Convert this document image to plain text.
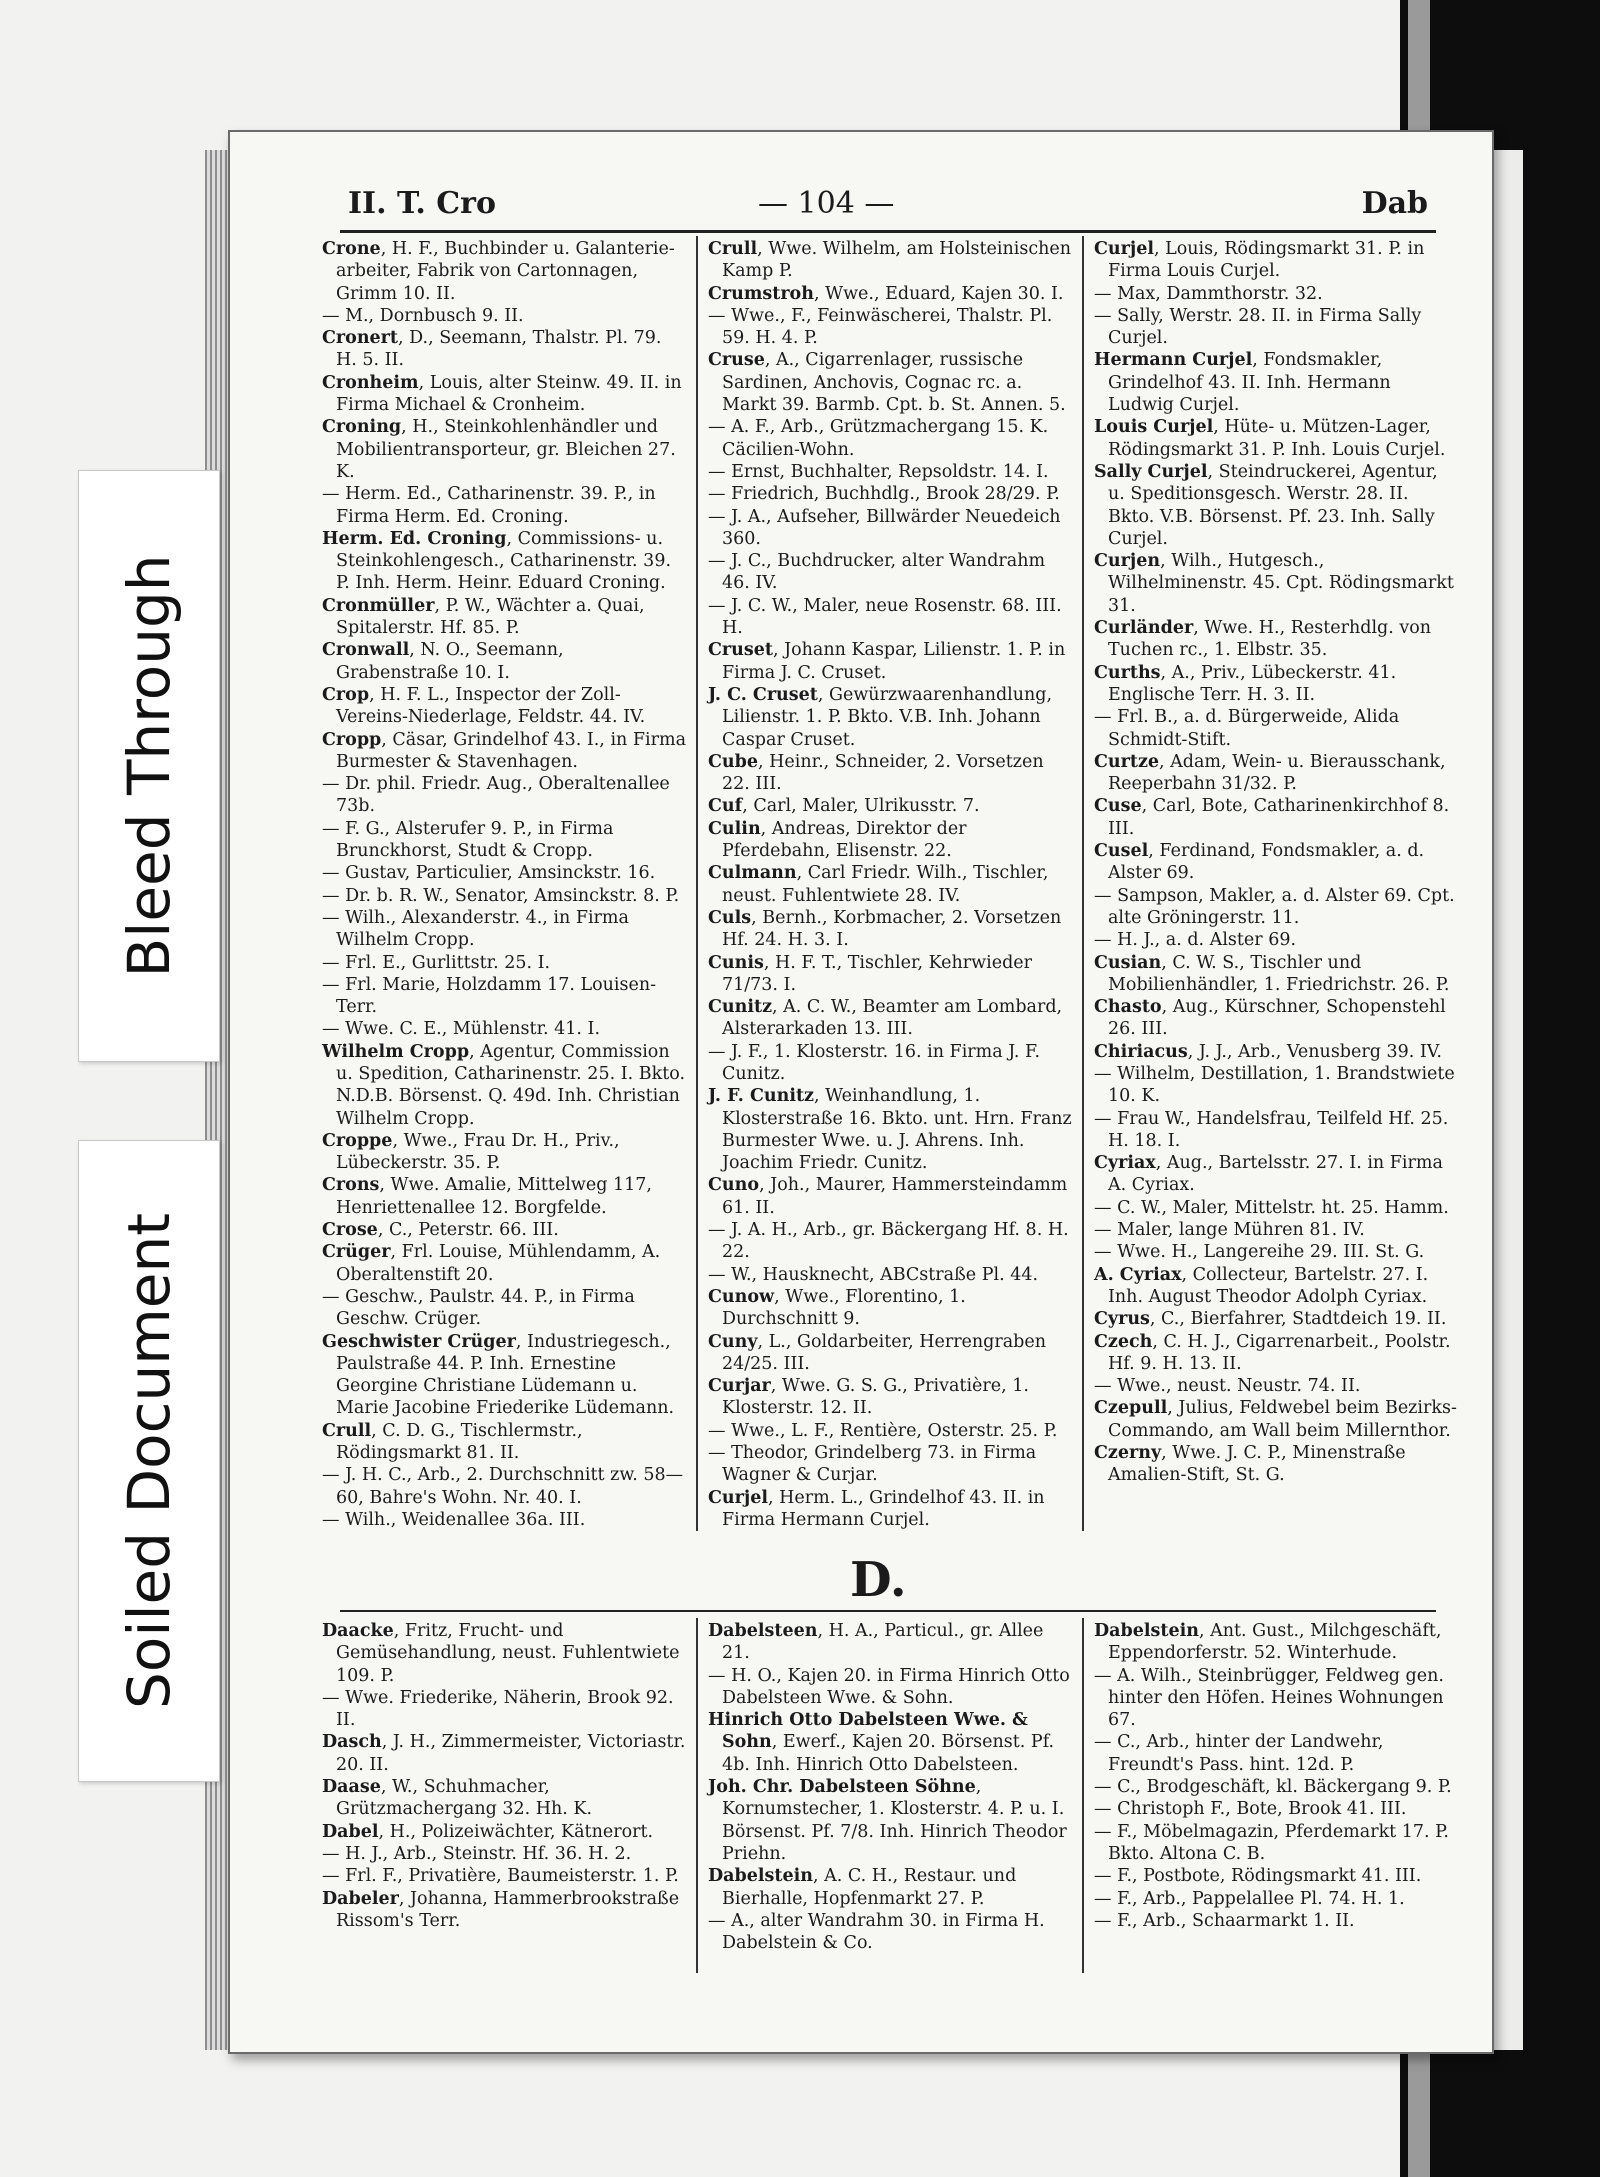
Bleed Through
Soiled Document
II. T. Cro	— 104 —	Dab

Crone, H. F., Buchbinder u. Galanterie-arbeiter, Fabrik von Cartonnagen, Grimm 10. II.

— M., Dornbusch 9. II.

Cronert, D., Seemann, Thalstr. Pl. 79. H. 5. II.

Cronheim, Louis, alter Steinw. 49. II. in Firma Michael & Cronheim.

Croning, H., Steinkohlenhändler und Mobilientransporteur, gr. Bleichen 27. K.

— Herm. Ed., Catharinenstr. 39. P., in Firma Herm. Ed. Croning.

Herm. Ed. Croning, Commissions- u. Steinkohlengesch., Catharinenstr. 39. P. Inh. Herm. Heinr. Eduard Croning.

Cronmüller, P. W., Wächter a. Quai, Spitalerstr. Hf. 85. P.

Cronwall, N. O., Seemann, Grabenstraße 10. I.

Crop, H. F. L., Inspector der Zoll-Vereins-Niederlage, Feldstr. 44. IV.

Cropp, Cäsar, Grindelhof 43. I., in Firma Burmester & Stavenhagen.

— Dr. phil. Friedr. Aug., Oberaltenallee 73b.

— F. G., Alsterufer 9. P., in Firma Brunckhorst, Studt & Cropp.

— Gustav, Particulier, Amsinckstr. 16.

— Dr. b. R. W., Senator, Amsinckstr. 8. P.

— Wilh., Alexanderstr. 4., in Firma Wilhelm Cropp.

— Frl. E., Gurlittstr. 25. I.

— Frl. Marie, Holzdamm 17. Louisen-Terr.

— Wwe. C. E., Mühlenstr. 41. I.

Wilhelm Cropp, Agentur, Commission u. Spedition, Catharinenstr. 25. I. Bkto. N.D.B. Börsenst. Q. 49d. Inh. Christian Wilhelm Cropp.

Croppe, Wwe., Frau Dr. H., Priv., Lübeckerstr. 35. P.

Crons, Wwe. Amalie, Mittelweg 117, Henriettenallee 12. Borgfelde.

Crose, C., Peterstr. 66. III.

Crüger, Frl. Louise, Mühlendamm, A. Oberaltenstift 20.

— Geschw., Paulstr. 44. P., in Firma Geschw. Crüger.

Geschwister Crüger, Industriegesch., Paulstraße 44. P. Inh. Ernestine Georgine Christiane Lüdemann u. Marie Jacobine Friederike Lüdemann.

Crull, C. D. G., Tischlermstr., Rödingsmarkt 81. II.

— J. H. C., Arb., 2. Durchschnitt zw. 58—60, Bahre's Wohn. Nr. 40. I.

— Wilh., Weidenallee 36a. III.

Crull, Wwe. Wilhelm, am Holsteinischen Kamp P.

Crumstroh, Wwe., Eduard, Kajen 30. I.

— Wwe., F., Feinwäscherei, Thalstr. Pl. 59. H. 4. P.

Cruse, A., Cigarrenlager, russische Sardinen, Anchovis, Cognac rc. a. Markt 39. Barmb. Cpt. b. St. Annen. 5.

— A. F., Arb., Grützmachergang 15. K. Cäcilien-Wohn.

— Ernst, Buchhalter, Repsoldstr. 14. I.

— Friedrich, Buchhdlg., Brook 28/29. P.

— J. A., Aufseher, Billwärder Neuedeich 360.

— J. C., Buchdrucker, alter Wandrahm 46. IV.

— J. C. W., Maler, neue Rosenstr. 68. III. H.

Cruset, Johann Kaspar, Lilienstr. 1. P. in Firma J. C. Cruset.

J. C. Cruset, Gewürzwaarenhandlung, Lilienstr. 1. P. Bkto. V.B. Inh. Johann Caspar Cruset.

Cube, Heinr., Schneider, 2. Vorsetzen 22. III.

Cuf, Carl, Maler, Ulrikusstr. 7.

Culin, Andreas, Direktor der Pferdebahn, Elisenstr. 22.

Culmann, Carl Friedr. Wilh., Tischler, neust. Fuhlentwiete 28. IV.

Culs, Bernh., Korbmacher, 2. Vorsetzen Hf. 24. H. 3. I.

Cunis, H. F. T., Tischler, Kehrwieder 71/73. I.

Cunitz, A. C. W., Beamter am Lombard, Alsterarkaden 13. III.

— J. F., 1. Klosterstr. 16. in Firma J. F. Cunitz.

J. F. Cunitz, Weinhandlung, 1. Klosterstraße 16. Bkto. unt. Hrn. Franz Burmester Wwe. u. J. Ahrens. Inh. Joachim Friedr. Cunitz.

Cuno, Joh., Maurer, Hammersteindamm 61. II.

— J. A. H., Arb., gr. Bäckergang Hf. 8. H. 22.

— W., Hausknecht, ABCstraße Pl. 44.

Cunow, Wwe., Florentino, 1. Durchschnitt 9.

Cuny, L., Goldarbeiter, Herrengraben 24/25. III.

Curjar, Wwe. G. S. G., Privatière, 1. Klosterstr. 12. II.

— Wwe., L. F., Rentière, Osterstr. 25. P.

— Theodor, Grindelberg 73. in Firma Wagner & Curjar.

Curjel, Herm. L., Grindelhof 43. II. in Firma Hermann Curjel.

Curjel, Louis, Rödingsmarkt 31. P. in Firma Louis Curjel.

— Max, Dammthorstr. 32.

— Sally, Werstr. 28. II. in Firma Sally Curjel.

Hermann Curjel, Fondsmakler, Grindelhof 43. II. Inh. Hermann Ludwig Curjel.

Louis Curjel, Hüte- u. Mützen-Lager, Rödingsmarkt 31. P. Inh. Louis Curjel.

Sally Curjel, Steindruckerei, Agentur, u. Speditionsgesch. Werstr. 28. II. Bkto. V.B. Börsenst. Pf. 23. Inh. Sally Curjel.

Curjen, Wilh., Hutgesch., Wilhelminenstr. 45. Cpt. Rödingsmarkt 31.

Curländer, Wwe. H., Resterhdlg. von Tuchen rc., 1. Elbstr. 35.

Curths, A., Priv., Lübeckerstr. 41. Englische Terr. H. 3. II.

— Frl. B., a. d. Bürgerweide, Alida Schmidt-Stift.

Curtze, Adam, Wein- u. Bierausschank, Reeperbahn 31/32. P.

Cuse, Carl, Bote, Catharinenkirchhof 8. III.

Cusel, Ferdinand, Fondsmakler, a. d. Alster 69.

— Sampson, Makler, a. d. Alster 69. Cpt. alte Gröningerstr. 11.

— H. J., a. d. Alster 69.

Cusian, C. W. S., Tischler und Mobilienhändler, 1. Friedrichstr. 26. P.

Chasto, Aug., Kürschner, Schopenstehl 26. III.

Chiriacus, J. J., Arb., Venusberg 39. IV.

— Wilhelm, Destillation, 1. Brandstwiete 10. K.

— Frau W., Handelsfrau, Teilfeld Hf. 25. H. 18. I.

Cyriax, Aug., Bartelsstr. 27. I. in Firma A. Cyriax.

— C. W., Maler, Mittelstr. ht. 25. Hamm.

— Maler, lange Mühren 81. IV.

— Wwe. H., Langereihe 29. III. St. G.

A. Cyriax, Collecteur, Bartelstr. 27. I. Inh. August Theodor Adolph Cyriax.

Cyrus, C., Bierfahrer, Stadtdeich 19. II.

Czech, C. H. J., Cigarrenarbeit., Poolstr. Hf. 9. H. 13. II.

— Wwe., neust. Neustr. 74. II.

Czepull, Julius, Feldwebel beim Bezirks-Commando, am Wall beim Millernthor.

Czerny, Wwe. J. C. P., Minenstraße Amalien-Stift, St. G.

D.

Daacke, Fritz, Frucht- und Gemüsehandlung, neust. Fuhlentwiete 109. P.

— Wwe. Friederike, Näherin, Brook 92. II.

Dasch, J. H., Zimmermeister, Victoriastr. 20. II.

Daase, W., Schuhmacher, Grützmachergang 32. Hh. K.

Dabel, H., Polizeiwächter, Kätnerort.

— H. J., Arb., Steinstr. Hf. 36. H. 2.

— Frl. F., Privatière, Baumeisterstr. 1. P.

Dabeler, Johanna, Hammerbrookstraße Rissom's Terr.

Dabelsteen, H. A., Particul., gr. Allee 21.

— H. O., Kajen 20. in Firma Hinrich Otto Dabelsteen Wwe. & Sohn.

Hinrich Otto Dabelsteen Wwe. & Sohn, Ewerf., Kajen 20. Börsenst. Pf. 4b. Inh. Hinrich Otto Dabelsteen.

Joh. Chr. Dabelsteen Söhne, Kornumstecher, 1. Klosterstr. 4. P. u. I. Börsenst. Pf. 7/8. Inh. Hinrich Theodor Priehn.

Dabelstein, A. C. H., Restaur. und Bierhalle, Hopfenmarkt 27. P.

— A., alter Wandrahm 30. in Firma H. Dabelstein & Co.

Dabelstein, Ant. Gust., Milchgeschäft, Eppendorferstr. 52. Winterhude.

— A. Wilh., Steinbrügger, Feldweg gen. hinter den Höfen. Heines Wohnungen 67.

— C., Arb., hinter der Landwehr, Freundt's Pass. hint. 12d. P.

— C., Brodgeschäft, kl. Bäckergang 9. P.

— Christoph F., Bote, Brook 41. III.

— F., Möbelmagazin, Pferdemarkt 17. P. Bkto. Altona C. B.

— F., Postbote, Rödingsmarkt 41. III.

— F., Arb., Pappelallee Pl. 74. H. 1.

— F., Arb., Schaarmarkt 1. II.
